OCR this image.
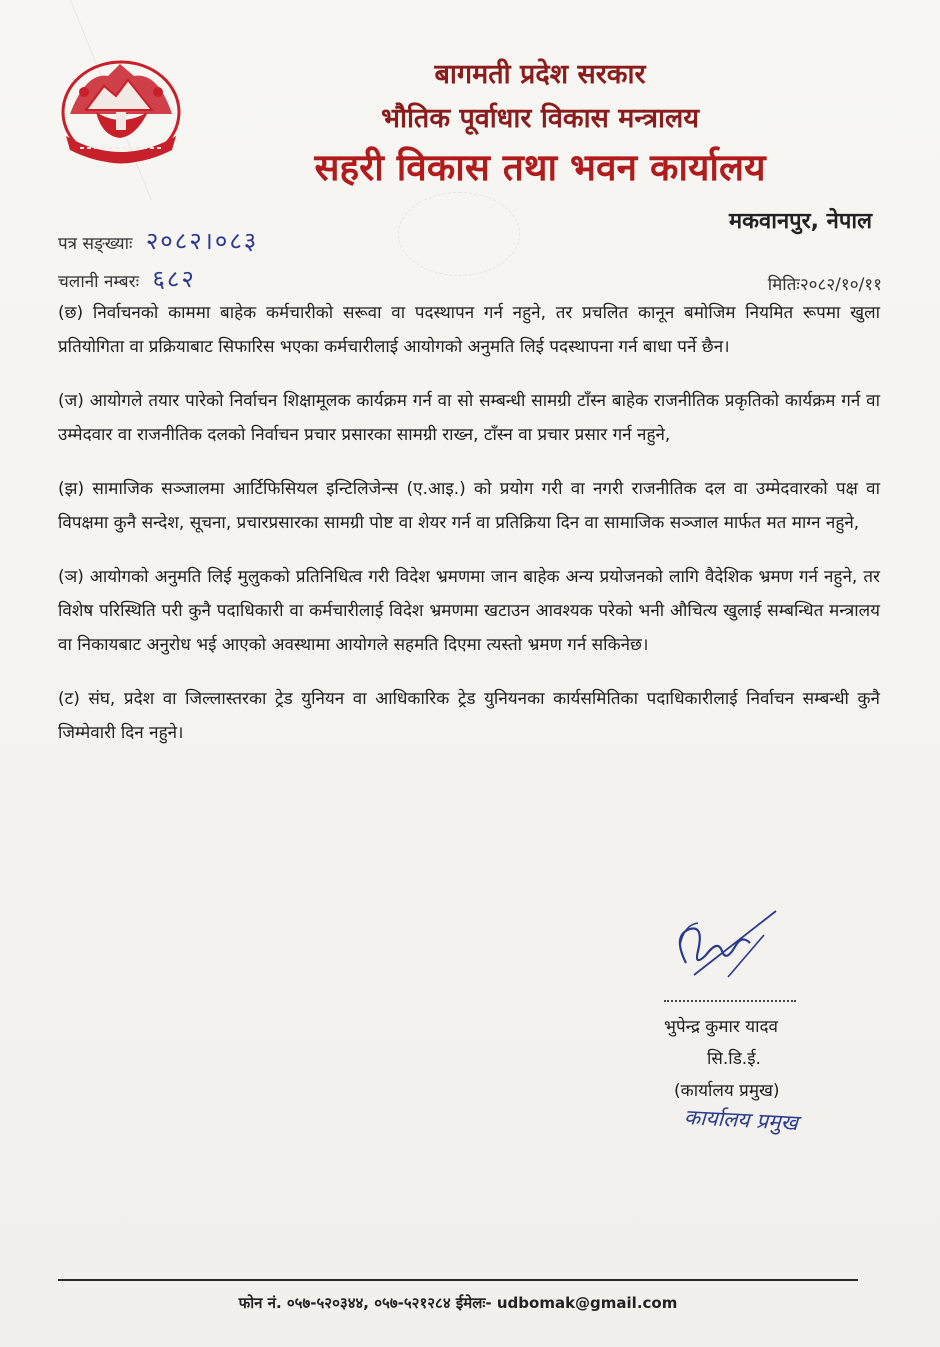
बागमती प्रदेश सरकार
भौतिक पूर्वाधार विकास मन्त्रालय
सहरी विकास तथा भवन कार्यालय
मकवानपुर, नेपाल
पत्र सङ्ख्याः २०८२।०८३
चलानी नम्बरः ६८२	मितिः२०८२/१०/११

(छ) निर्वाचनको काममा बाहेक कर्मचारीको सरूवा वा पदस्थापन गर्न नहुने, तर प्रचलित कानून बमोजिम नियमित रूपमा खुला प्रतियोगिता वा प्रक्रियाबाट सिफारिस भएका कर्मचारीलाई आयोगको अनुमति लिई पदस्थापना गर्न बाधा पर्ने छैन।

(ज) आयोगले तयार पारेको निर्वाचन शिक्षामूलक कार्यक्रम गर्न वा सो सम्बन्धी सामग्री टाँस्न बाहेक राजनीतिक प्रकृतिको कार्यक्रम गर्न वा उम्मेदवार वा राजनीतिक दलको निर्वाचन प्रचार प्रसारका सामग्री राख्न, टाँस्न वा प्रचार प्रसार गर्न नहुने,

(झ) सामाजिक सञ्जालमा आर्टिफिसियल इन्टिलिजेन्स (ए.आइ.) को प्रयोग गरी वा नगरी राजनीतिक दल वा उम्मेदवारको पक्ष वा विपक्षमा कुनै सन्देश, सूचना, प्रचारप्रसारका सामग्री पोष्ट वा शेयर गर्न वा प्रतिक्रिया दिन वा सामाजिक सञ्जाल मार्फत मत माग्न नहुने,

(ञ) आयोगको अनुमति लिई मुलुकको प्रतिनिधित्व गरी विदेश भ्रमणमा जान बाहेक अन्य प्रयोजनको लागि वैदेशिक भ्रमण गर्न नहुने, तर विशेष परिस्थिति परी कुनै पदाधिकारी वा कर्मचारीलाई विदेश भ्रमणमा खटाउन आवश्यक परेको भनी औचित्य खुलाई सम्बन्धित मन्त्रालय वा निकायबाट अनुरोध भई आएको अवस्थामा आयोगले सहमति दिएमा त्यस्तो भ्रमण गर्न सकिनेछ।

(ट) संघ, प्रदेश वा जिल्लास्तरका ट्रेड युनियन वा आधिकारिक ट्रेड युनियनका कार्यसमितिका पदाधिकारीलाई निर्वाचन सम्बन्धी कुनै जिम्मेवारी दिन नहुने।

भुपेन्द्र कुमार यादव
सि.डि.ई.
(कार्यालय प्रमुख)
कार्यालय प्रमुख
फोन नं. ०५७-५२०३४४, ०५७-५२१२८४ ईमेलः- udbomak@gmail.com
